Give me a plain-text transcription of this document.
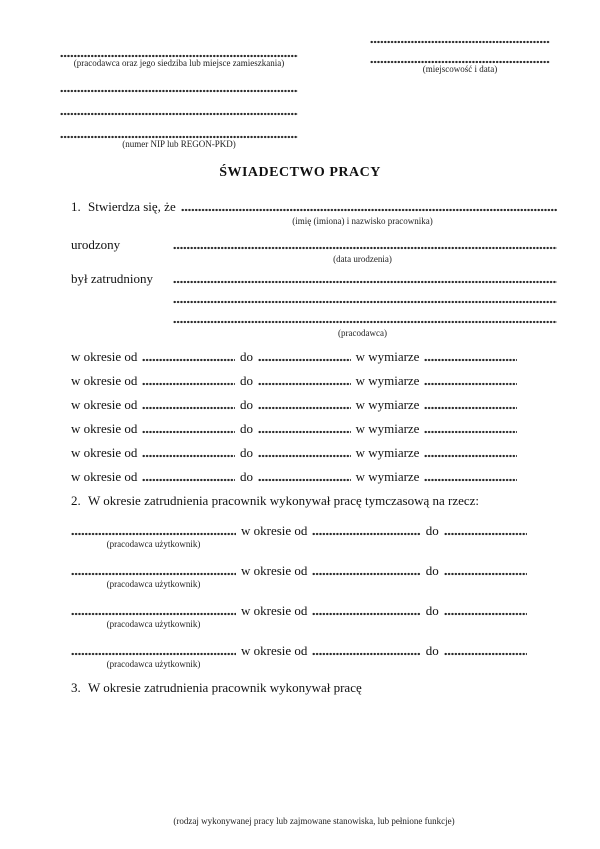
(pracodawca oraz jego siedziba lub miejsce zamieszkania)
(numer NIP lub REGON-PKD)
(miejscowość i data)
ŚWIADECTWO PRACY
1. Stwierdza się, że
(imię (imiona) i nazwisko pracownika)
urodzony
(data urodzenia)
był zatrudniony
(pracodawca)
w okresie od	do	w wymiarze
w okresie od	do	w wymiarze
w okresie od	do	w wymiarze
w okresie od	do	w wymiarze
w okresie od	do	w wymiarze
w okresie od	do	w wymiarze
2. W okresie zatrudnienia pracownik wykonywał pracę tymczasową na rzecz:
(pracodawca użytkownik)
w okresie od	do
(pracodawca użytkownik)
w okresie od	do
(pracodawca użytkownik)
w okresie od	do
(pracodawca użytkownik)
w okresie od	do
3. W okresie zatrudnienia pracownik wykonywał pracę
(rodzaj wykonywanej pracy lub zajmowane stanowiska, lub pełnione funkcje)
